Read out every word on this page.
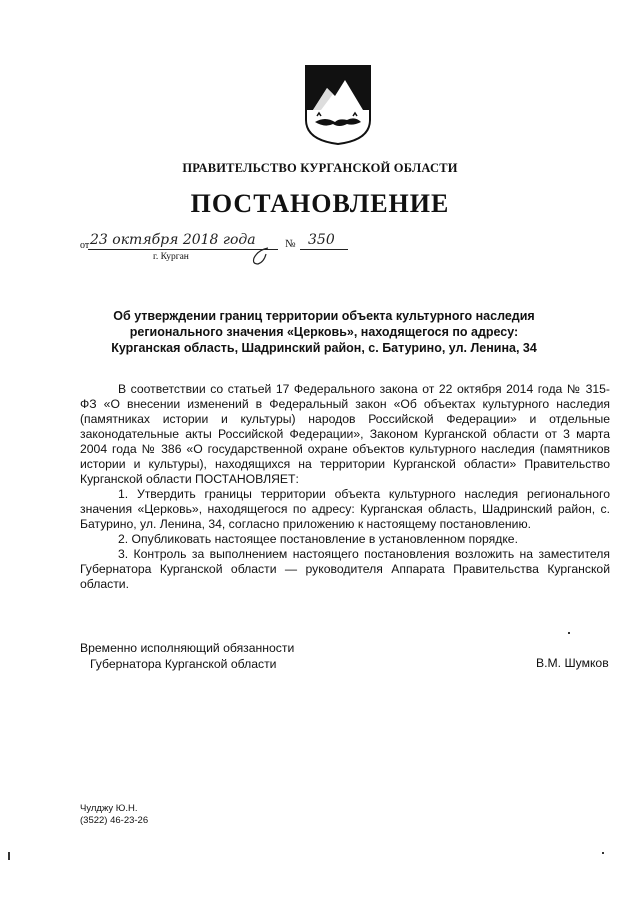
ПРАВИТЕЛЬСТВО КУРГАНСКОЙ ОБЛАСТИ
ПОСТАНОВЛЕНИЕ
от 23 октября 2018 года	№ 350
г. Курган
Об утверждении границ территории объекта культурного наследия
регионального значения «Церковь», находящегося по адресу:
Курганская область, Шадринский район, с. Батурино, ул. Ленина, 34

В соответствии со статьей 17 Федерального закона от 22 октября 2014 года № 315-ФЗ «О внесении изменений в Федеральный закон «Об объектах культурного наследия (памятниках истории и культуры) народов Российской Федерации» и отдельные законодательные акты Российской Федерации», Законом Курганской области от 3 марта 2004 года № 386 «О государственной охране объектов культурного наследия (памятников истории и культуры), находящихся на территории Курганской области» Правительство Курганской области ПОСТАНОВЛЯЕТ:

1. Утвердить границы территории объекта культурного наследия регионального значения «Церковь», находящегося по адресу: Курганская область, Шадринский район, с. Батурино, ул. Ленина, 34, согласно приложению к настоящему постановлению.

2. Опубликовать настоящее постановление в установленном порядке.

3. Контроль за выполнением настоящего постановления возложить на заместителя Губернатора Курганской области — руководителя Аппарата Правительства Курганской области.

Временно исполняющий обязанности
Губернатора Курганской области	В.М. Шумков
Чулджу Ю.Н.
(3522) 46-23-26
